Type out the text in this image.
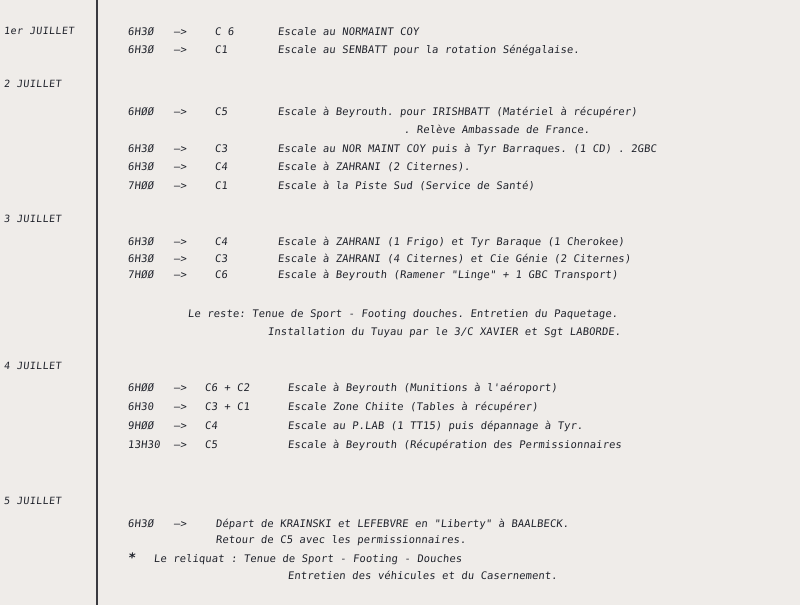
1er JUILLET	6H3Ø —>	C 6	Escale au NORMAINT COY
6H3Ø —>	C1	Escale au SENBATT pour la rotation Sénégalaise.
2 JUILLET
6HØØ —>	C5	Escale à Beyrouth. pour IRISHBATT (Matériel à récupérer)
. Relève Ambassade de France.
6H3Ø —>	C3	Escale au NOR MAINT COY puis à Tyr Barraques. (1 CD) . 2GBC
6H3Ø —>	C4	Escale à ZAHRANI (2 Citernes).
7HØØ —>	C1	Escale à la Piste Sud (Service de Santé)
3 JUILLET
6H3Ø —>	C4	Escale à ZAHRANI (1 Frigo) et Tyr Baraque (1 Cherokee)
6H3Ø —>	C3	Escale à ZAHRANI (4 Citernes) et Cie Génie (2 Citernes)
7HØØ —>	C6	Escale à Beyrouth (Ramener "Linge" + 1 GBC Transport)
Le reste: Tenue de Sport - Footing douches. Entretien du Paquetage.
Installation du Tuyau par le 3/C XAVIER et Sgt LABORDE.
4 JUILLET
6HØØ —> C6 + C2	Escale à Beyrouth (Munitions à l'aéroport)
6H30 —> C3 + C1	Escale Zone Chiite (Tables à récupérer)
9HØØ —> C4	Escale au P.LAB (1 TT15) puis dépannage à Tyr.
13H30 —> C5	Escale à Beyrouth (Récupération des Permissionnaires
5 JUILLET
6H3Ø —>	Départ de KRAINSKI et LEFEBVRE en "Liberty" à BAALBECK.
Retour de C5 avec les permissionnaires.
* Le reliquat : Tenue de Sport - Footing - Douches
Entretien des véhicules et du Casernement.
